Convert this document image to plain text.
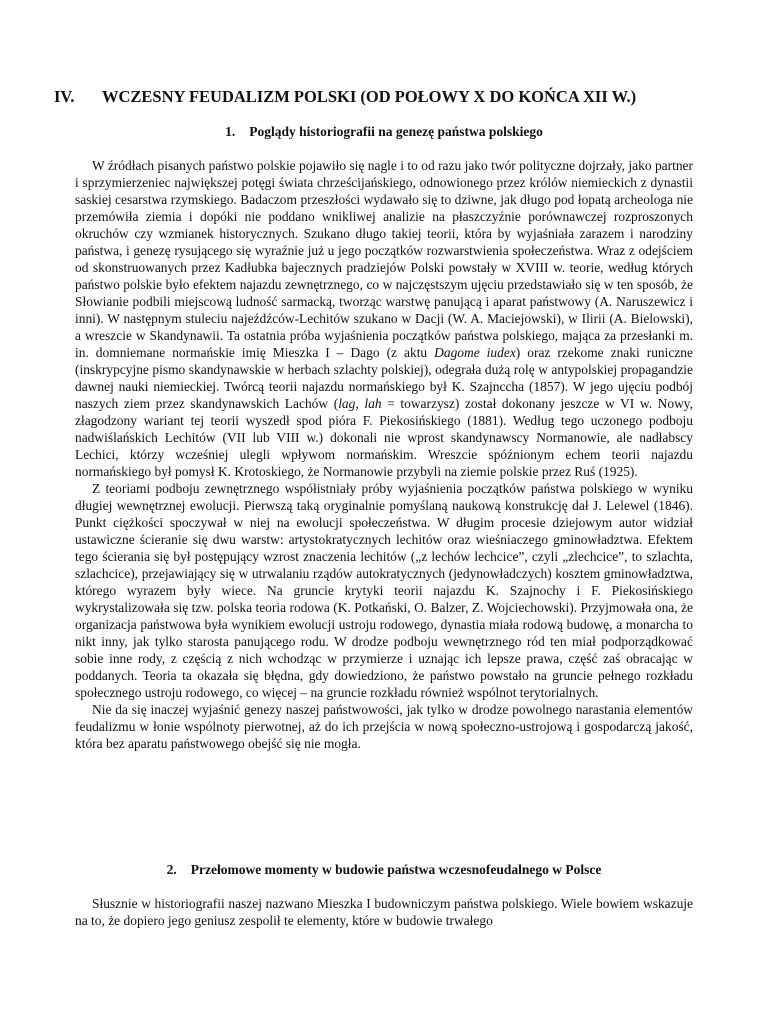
IV. WCZESNY FEUDALIZM POLSKI (OD POŁOWY X DO KOŃCA XII W.)
1. Poglądy historiografii na genezę państwa polskiego

W źródłach pisanych państwo polskie pojawiło się nagle i to od razu jako twór polityczne dojrzały, jako partner i sprzymierzeniec największej potęgi świata chrześcijańskiego, odnowionego przez królów niemieckich z dynastii saskiej cesarstwa rzymskiego. Badaczom przeszłości wydawało się to dziwne, jak długo pod łopatą archeologa nie przemówiła ziemia i dopóki nie poddano wnikliwej analizie na płaszczyźnie porównawczej rozproszonych okruchów czy wzmianek historycznych. Szukano długo takiej teorii, która by wyjaśniała zarazem i narodziny państwa, i genezę rysującego się wyraźnie już u jego początków rozwarstwienia społeczeństwa. Wraz z odejściem od skonstruowanych przez Kadłubka bajecznych pradziejów Polski powstały w XVIII w. teorie, według których państwo polskie było efektem najazdu zewnętrznego, co w najczęstszym ujęciu przedstawiało się w ten sposób, że Słowianie podbili miejscową ludność sarmacką, tworząc warstwę panującą i aparat państwowy (A. Naruszewicz i inni). W następnym stuleciu najeźdźców-Lechitów szukano w Dacji (W. A. Maciejowski), w Ilirii (A. Bielowski), a wreszcie w Skandynawii. Ta ostatnia próba wyjaśnienia początków państwa polskiego, mająca za przesłanki m. in. domniemane normańskie imię Mieszka I – Dago (z aktu Dagome iudex) oraz rzekome znaki runiczne (inskrypcyjne pismo skandynawskie w herbach szlachty polskiej), odegrała dużą rolę w antypolskiej propagandzie dawnej nauki niemieckiej. Twórcą teorii najazdu normańskiego był K. Szajnccha (1857). W jego ujęciu podbój naszych ziem przez skandynawskich Lachów (lag, lah = towarzysz) został dokonany jeszcze w VI w. Nowy, złagodzony wariant tej teorii wyszedł spod pióra F. Piekosińskiego (1881). Według tego uczonego podboju nadwiślańskich Lechitów (VII lub VIII w.) dokonali nie wprost skandynawscy Normanowie, ale nadłabscy Lechici, którzy wcześniej ulegli wpływom normańskim. Wreszcie spóźnionym echem teorii najazdu normańskiego był pomysł K. Krotoskiego, że Normanowie przybyli na ziemie polskie przez Ruś (1925).

Z teoriami podboju zewnętrznego współistniały próby wyjaśnienia początków państwa polskiego w wyniku długiej wewnętrznej ewolucji. Pierwszą taką oryginalnie pomyślaną naukową konstrukcję dał J. Lelewel (1846). Punkt ciężkości spoczywał w niej na ewolucji społeczeństwa. W długim procesie dziejowym autor widział ustawiczne ścieranie się dwu warstw: artystokratycznych lechitów oraz wieśniaczego gminowładztwa. Efektem tego ścierania się był postępujący wzrost znaczenia lechitów („z lechów lechcice”, czyli „zlechcice”, to szlachta, szlachcice), przejawiający się w utrwalaniu rządów autokratycznych (jedynowładczych) kosztem gminowładztwa, którego wyrazem były wiece. Na gruncie krytyki teorii najazdu K. Szajnochy i F. Piekosińskiego wykrystalizowała się tzw. polska teoria rodowa (K. Potkański, O. Balzer, Z. Wojciechowski). Przyjmowała ona, że organizacja państwowa była wynikiem ewolucji ustroju rodowego, dynastia miała rodową budowę, a monarcha to nikt inny, jak tylko starosta panującego rodu. W drodze podboju wewnętrznego ród ten miał podporządkować sobie inne rody, z częścią z nich wchodząc w przymierze i uznając ich lepsze prawa, część zaś obracając w poddanych. Teoria ta okazała się błędna, gdy dowiedziono, że państwo powstało na gruncie pełnego rozkładu społecznego ustroju rodowego, co więcej – na gruncie rozkładu również wspólnot terytorialnych.

Nie da się inaczej wyjaśnić genezy naszej państwowości, jak tylko w drodze powolnego narastania elementów feudalizmu w łonie wspólnoty pierwotnej, aż do ich przejścia w nową społeczno-ustrojową i gospodarczą jakość, która bez aparatu państwowego obejść się nie mogła.

2. Przełomowe momenty w budowie państwa wczesnofeudalnego w Polsce

Słusznie w historiografii naszej nazwano Mieszka I budowniczym państwa polskiego. Wiele bowiem wskazuje na to, że dopiero jego geniusz zespolił te elementy, które w budowie trwałego
